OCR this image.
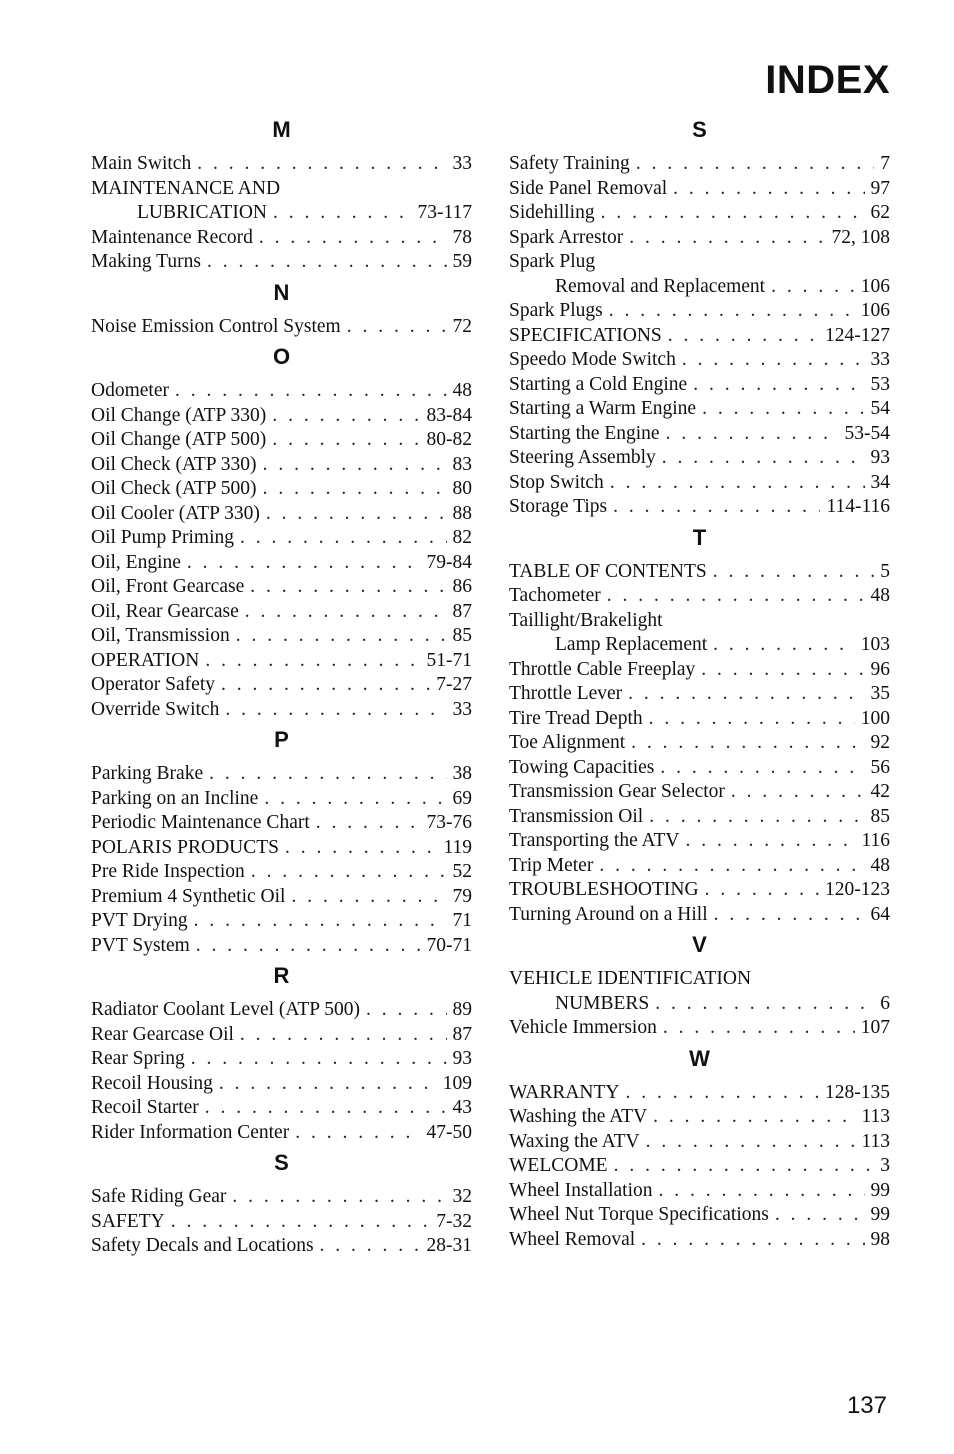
INDEX
M
Main Switch . . .	33
MAINTENANCE AND
LUBRICATION . . .	73-117
Maintenance Record . . .	78
Making Turns . . .	59
N
Noise Emission Control System . . .	72
O
Odometer . . .	48
Oil Change (ATP 330) . . .	83-84
Oil Change (ATP 500) . . .	80-82
Oil Check (ATP 330) . . .	83
Oil Check (ATP 500) . . .	80
Oil Cooler (ATP 330) . . .	88
Oil Pump Priming . . .	82
Oil, Engine . . .	79-84
Oil, Front Gearcase . . .	86
Oil, Rear Gearcase . . .	87
Oil, Transmission . . .	85
OPERATION . . .	51-71
Operator Safety . . .	7-27
Override Switch . . .	33
P
Parking Brake . . .	38
Parking on an Incline . . .	69
Periodic Maintenance Chart . . .	73-76
POLARIS PRODUCTS . . .	119
Pre Ride Inspection . . .	52
Premium 4 Synthetic Oil . . .	79
PVT Drying . . .	71
PVT System . . .	70-71
R
Radiator Coolant Level (ATP 500) . . .	89
Rear Gearcase Oil . . .	87
Rear Spring . . .	93
Recoil Housing . . .	109
Recoil Starter . . .	43
Rider Information Center . . .	47-50
S
Safe Riding Gear . . .	32
SAFETY . . .	7-32
Safety Decals and Locations . . .	28-31
S
Safety Training . . .	7
Side Panel Removal . . .	97
Sidehilling . . .	62
Spark Arrestor . . .	72, 108
Spark Plug
Removal and Replacement . . .	106
Spark Plugs . . .	106
SPECIFICATIONS . . .	124-127
Speedo Mode Switch . . .	33
Starting a Cold Engine . . .	53
Starting a Warm Engine . . .	54
Starting the Engine . . .	53-54
Steering Assembly . . .	93
Stop Switch . . .	34
Storage Tips . . .	114-116
T
TABLE OF CONTENTS . . .	5
Tachometer . . .	48
Taillight/Brakelight
Lamp Replacement . . .	103
Throttle Cable Freeplay . . .	96
Throttle Lever . . .	35
Tire Tread Depth . . .	100
Toe Alignment . . .	92
Towing Capacities . . .	56
Transmission Gear Selector . . .	42
Transmission Oil . . .	85
Transporting the ATV . . .	116
Trip Meter . . .	48
TROUBLESHOOTING . . .	120-123
Turning Around on a Hill . . .	64
V
VEHICLE IDENTIFICATION
NUMBERS . . .	6
Vehicle Immersion . . .	107
W
WARRANTY . . .	128-135
Washing the ATV . . .	113
Waxing the ATV . . .	113
WELCOME . . .	3
Wheel Installation . . .	99
Wheel Nut Torque Specifications . . .	99
Wheel Removal . . .	98
137
